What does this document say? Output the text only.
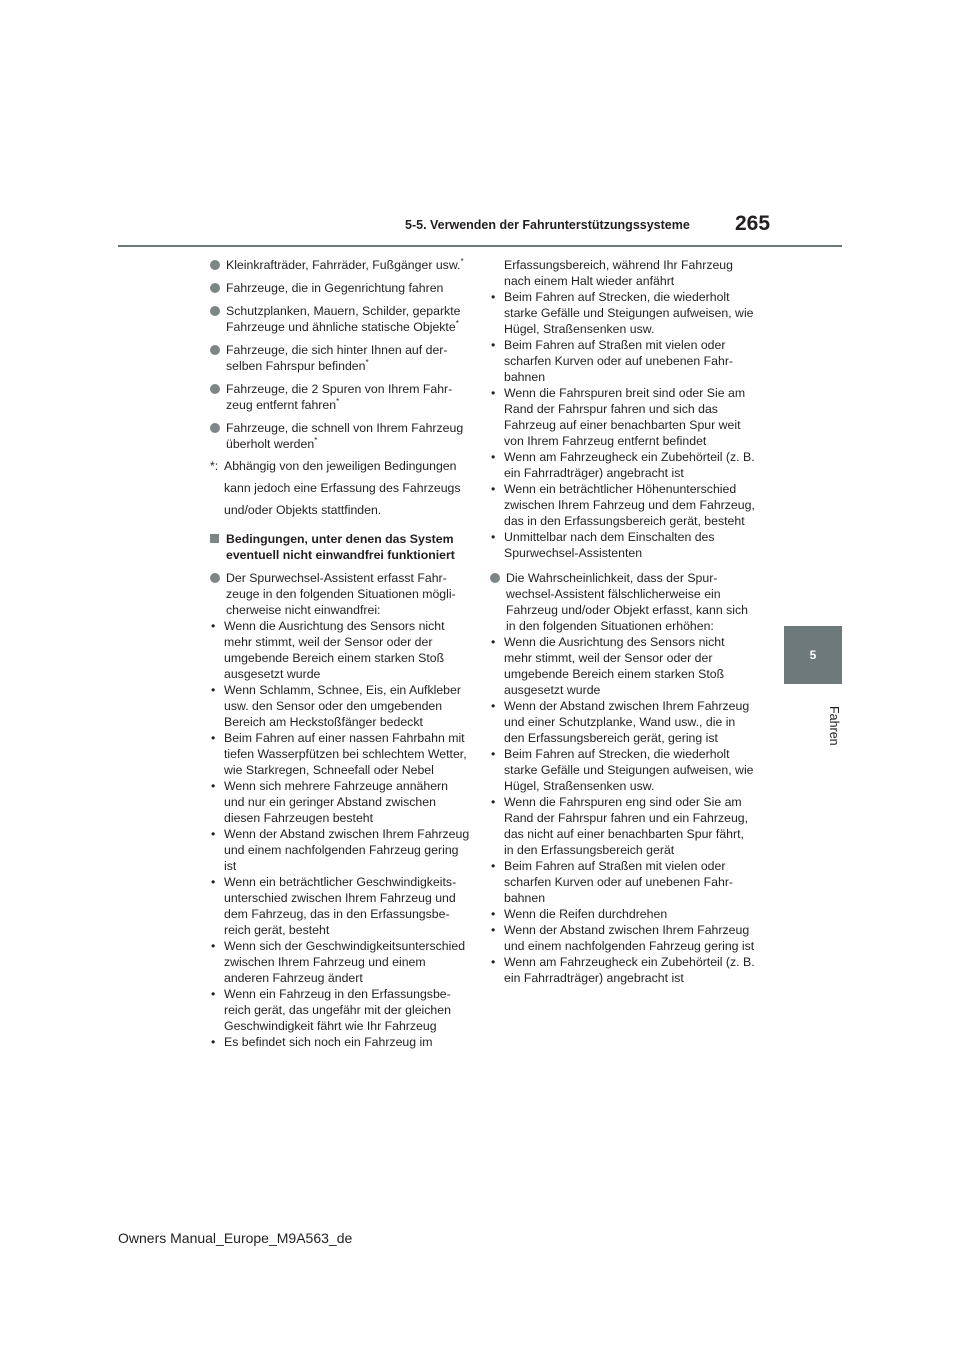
5-5. Verwenden der Fahrunterstützungssysteme 265
5
Fahren

Kleinkrafträder, Fahrräder, Fußgänger usw.*

Fahrzeuge, die in Gegenrichtung fahren

Schutzplanken, Mauern, Schilder, geparkte Fahrzeuge und ähnliche statische Objekte*

Fahrzeuge, die sich hinter Ihnen auf derselben Fahrspur befinden*

Fahrzeuge, die 2 Spuren von Ihrem Fahrzeug entfernt fahren*

Fahrzeuge, die schnell von Ihrem Fahrzeug überholt werden*

*: Abhängig von den jeweiligen Bedingungen kann jedoch eine Erfassung des Fahrzeugs und/oder Objekts stattfinden.
Bedingungen, unter denen das System eventuell nicht einwandfrei funktioniert

Der Spurwechsel-Assistent erfasst Fahrzeuge in den folgenden Situationen möglicherweise nicht einwandfrei:

• Wenn die Ausrichtung des Sensors nicht mehr stimmt, weil der Sensor oder der umgebende Bereich einem starken Stoß ausgesetzt wurde
• Wenn Schlamm, Schnee, Eis, ein Aufkleber usw. den Sensor oder den umgebenden Bereich am Heckstoßfänger bedeckt
• Beim Fahren auf einer nassen Fahrbahn mit tiefen Wasserpfützen bei schlechtem Wetter, wie Starkregen, Schneefall oder Nebel
• Wenn sich mehrere Fahrzeuge annähern und nur ein geringer Abstand zwischen diesen Fahrzeugen besteht
• Wenn der Abstand zwischen Ihrem Fahrzeug und einem nachfolgenden Fahrzeug gering ist
• Wenn ein beträchtlicher Geschwindigkeitsunterschied zwischen Ihrem Fahrzeug und dem Fahrzeug, das in den Erfassungsbereich gerät, besteht
• Wenn sich der Geschwindigkeitsunterschied zwischen Ihrem Fahrzeug und einem anderen Fahrzeug ändert
• Wenn ein Fahrzeug in den Erfassungsbereich gerät, das ungefähr mit der gleichen Geschwindigkeit fährt wie Ihr Fahrzeug
• Es befindet sich noch ein Fahrzeug im
Erfassungsbereich, während Ihr Fahrzeug nach einem Halt wieder anfährt
• Beim Fahren auf Strecken, die wiederholt starke Gefälle und Steigungen aufweisen, wie Hügel, Straßensenken usw.
• Beim Fahren auf Straßen mit vielen oder scharfen Kurven oder auf unebenen Fahrbahnen
• Wenn die Fahrspuren breit sind oder Sie am Rand der Fahrspur fahren und sich das Fahrzeug auf einer benachbarten Spur weit von Ihrem Fahrzeug entfernt befindet
• Wenn am Fahrzeugheck ein Zubehörteil (z. B. ein Fahrradträger) angebracht ist
• Wenn ein beträchtlicher Höhenunterschied zwischen Ihrem Fahrzeug und dem Fahrzeug, das in den Erfassungsbereich gerät, besteht
• Unmittelbar nach dem Einschalten des Spurwechsel-Assistenten

Die Wahrscheinlichkeit, dass der Spurwechsel-Assistent fälschlicherweise ein Fahrzeug und/oder Objekt erfasst, kann sich in den folgenden Situationen erhöhen:

• Wenn die Ausrichtung des Sensors nicht mehr stimmt, weil der Sensor oder der umgebende Bereich einem starken Stoß ausgesetzt wurde
• Wenn der Abstand zwischen Ihrem Fahrzeug und einer Schutzplanke, Wand usw., die in den Erfassungsbereich gerät, gering ist
• Beim Fahren auf Strecken, die wiederholt starke Gefälle und Steigungen aufweisen, wie Hügel, Straßensenken usw.
• Wenn die Fahrspuren eng sind oder Sie am Rand der Fahrspur fahren und ein Fahrzeug, das nicht auf einer benachbarten Spur fährt, in den Erfassungsbereich gerät
• Beim Fahren auf Straßen mit vielen oder scharfen Kurven oder auf unebenen Fahrbahnen
• Wenn die Reifen durchdrehen
• Wenn der Abstand zwischen Ihrem Fahrzeug und einem nachfolgenden Fahrzeug gering ist
• Wenn am Fahrzeugheck ein Zubehörteil (z. B. ein Fahrradträger) angebracht ist
Owners Manual_Europe_M9A563_de
